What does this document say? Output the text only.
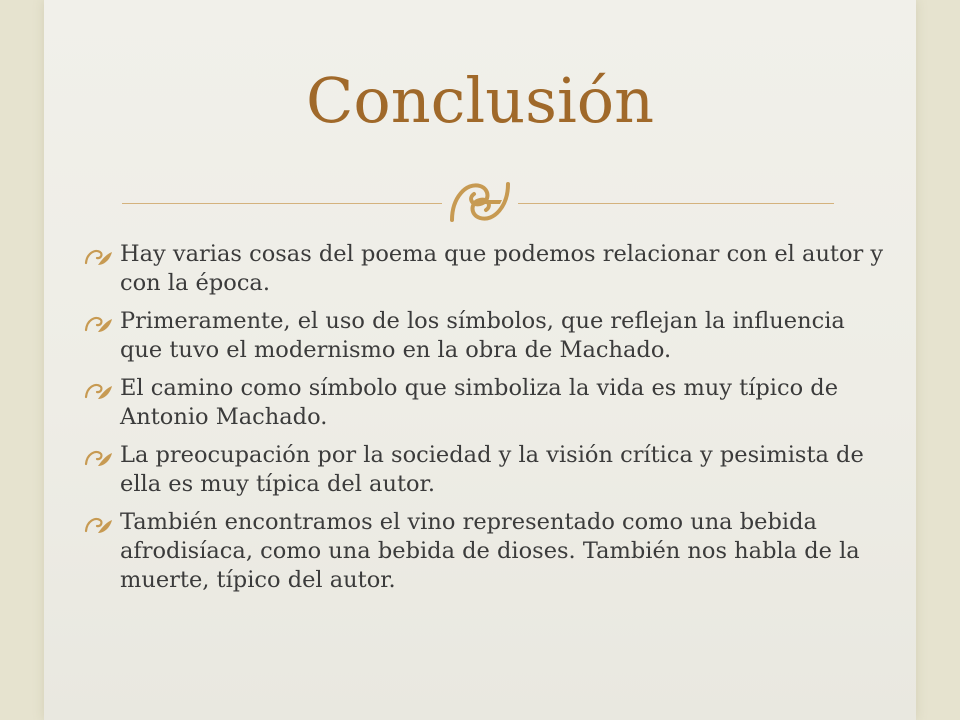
Conclusión
Hay varias cosas del poema que podemos relacionar con el autor y con la época.
Primeramente, el uso de los símbolos, que reflejan la influencia que tuvo el modernismo en la obra de Machado.
El camino como símbolo que simboliza la vida es muy típico de Antonio Machado.
La preocupación por la sociedad y la visión crítica y pesimista de ella es muy típica del autor.
También encontramos el vino representado como una bebida afrodisíaca, como una bebida de dioses. También nos habla de la muerte, típico del autor.
